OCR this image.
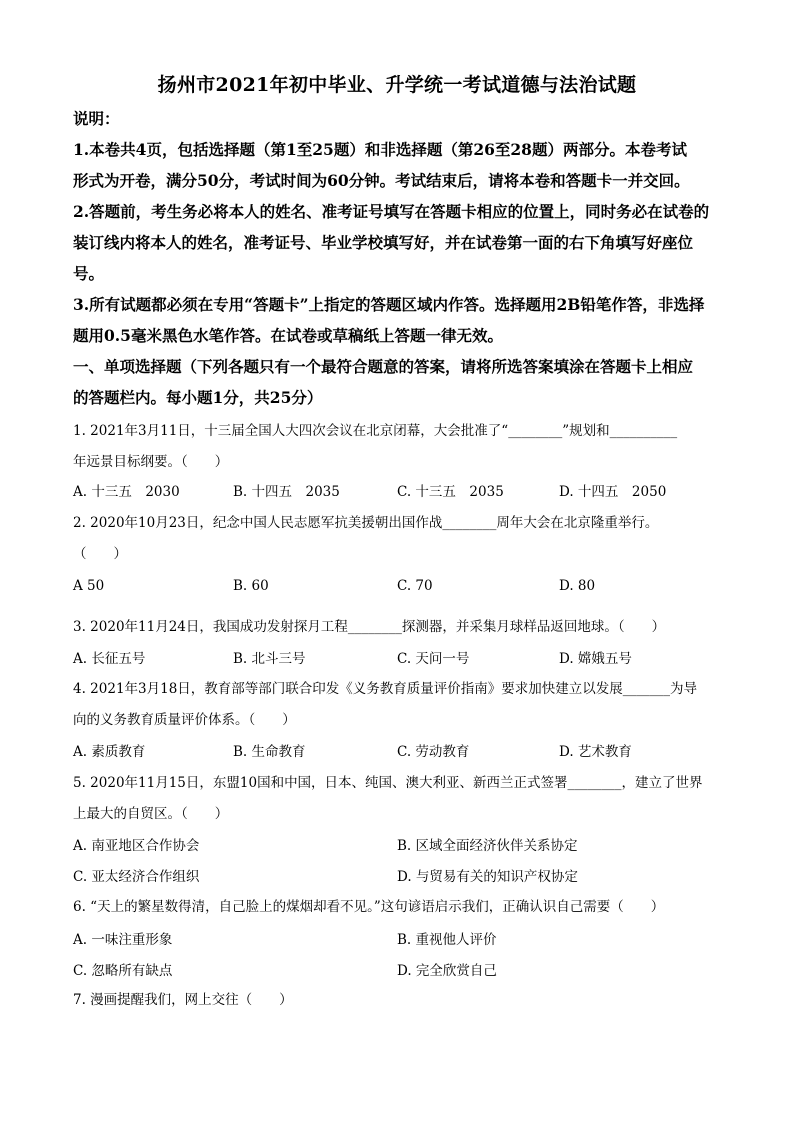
扬州市2021年初中毕业、升学统一考试道德与法治试题
说明：
1.本卷共4页，包括选择题（第1至25题）和非选择题（第26至28题）两部分。本卷考试
形式为开卷，满分50分，考试时间为60分钟。考试结束后，请将本卷和答题卡一并交回。
2.答题前，考生务必将本人的姓名、准考证号填写在答题卡相应的位置上，同时务必在试卷的
装订线内将本人的姓名，准考证号、毕业学校填写好，并在试卷第一面的右下角填写好座位
号。
3.所有试题都必须在专用“答题卡”上指定的答题区域内作答。选择题用2B铅笔作答，非选择
题用0.5毫米黑色水笔作答。在试卷或草稿纸上答题一律无效。
一、单项选择题（下列各题只有一个最符合题意的答案，请将所选答案填涂在答题卡上相应
的答题栏内。每小题1分，共25分）
1. 2021年3月11日，十三届全国人大四次会议在北京闭幕，大会批准了“________”规划和__________
年远景目标纲要。（　　）
A. 十三五　2030	B. 十四五　2035	C. 十三五　2035	D. 十四五　2050
2. 2020年10月23日，纪念中国人民志愿军抗美援朝出国作战________周年大会在北京隆重举行。
（　　）
A 50	B. 60	C. 70	D. 80
3. 2020年11月24日，我国成功发射探月工程________探测器，并采集月球样品返回地球。（　　）
A. 长征五号	B. 北斗三号	C. 天问一号	D. 嫦娥五号
4. 2021年3月18日，教育部等部门联合印发《义务教育质量评价指南》要求加快建立以发展_______为导
向的义务教育质量评价体系。（　　）
A. 素质教育	B. 生命教育	C. 劳动教育	D. 艺术教育
5. 2020年11月15日，东盟10国和中国，日本、纯国、澳大利亚、新西兰正式签署________，建立了世界
上最大的自贸区。（　　）
A. 南亚地区合作协会	B. 区域全面经济伙伴关系协定
C. 亚太经济合作组织	D. 与贸易有关的知识产权协定
6. “天上的繁星数得清，自己脸上的煤烟却看不见。”这句谚语启示我们，正确认识自己需要（　　）
A. 一味注重形象	B. 重视他人评价
C. 忽略所有缺点	D. 完全欣赏自己
7. 漫画提醒我们，网上交往（　　）
